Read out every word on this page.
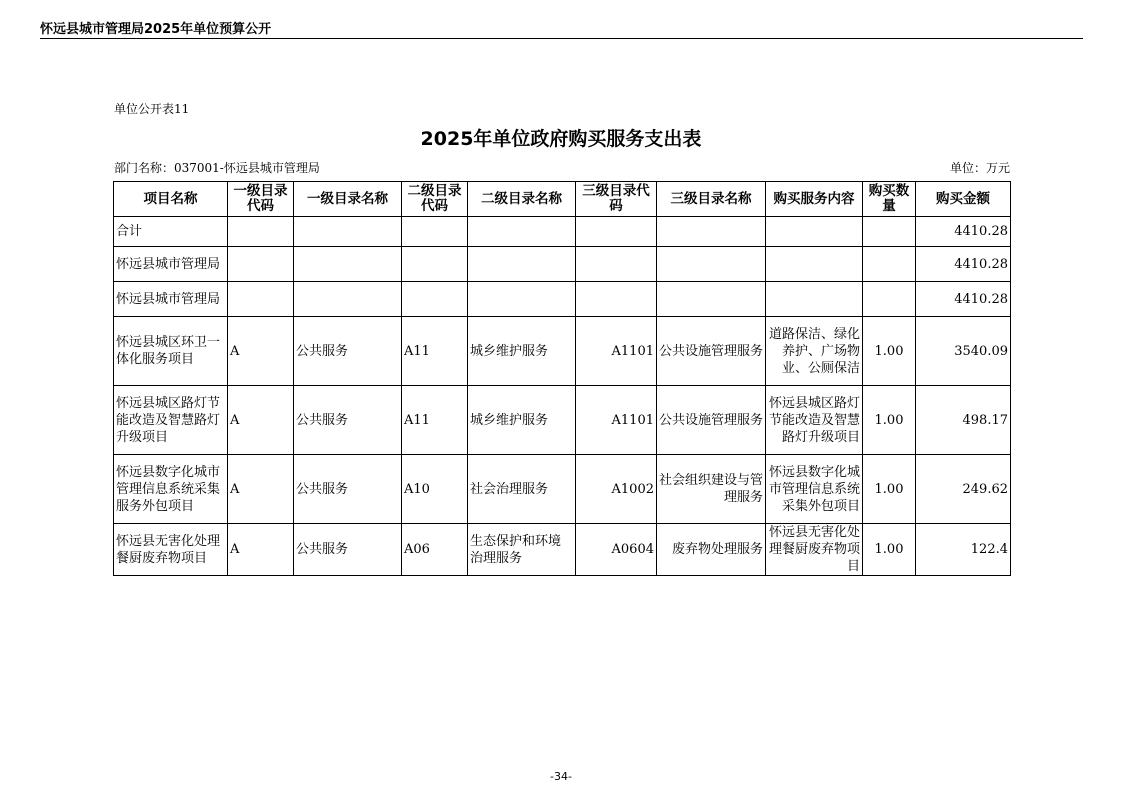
怀远县城市管理局2025年单位预算公开
单位公开表11
2025年单位政府购买服务支出表
部门名称：037001-怀远县城市管理局	单位：万元
项目名称	一级目录代码	一级目录名称	二级目录代码	二级目录名称	三级目录代码	三级目录名称	购买服务内容	购买数量	购买金额
合计									4410.28
怀远县城市管理局									4410.28
怀远县城市管理局									4410.28
怀远县城区环卫一体化服务项目	A	公共服务	A11	城乡维护服务	A1101	公共设施管理服务	道路保洁、绿化养护、广场物业、公厕保洁	1.00	3540.09
怀远县城区路灯节能改造及智慧路灯升级项目	A	公共服务	A11	城乡维护服务	A1101	公共设施管理服务	怀远县城区路灯节能改造及智慧路灯升级项目	1.00	498.17
怀远县数字化城市管理信息系统采集服务外包项目	A	公共服务	A10	社会治理服务	A1002	社会组织建设与管理服务	怀远县数字化城市管理信息系统采集外包项目	1.00	249.62
怀远县无害化处理餐厨废弃物项目	A	公共服务	A06	生态保护和环境治理服务	A0604	废弃物处理服务	怀远县无害化处理餐厨废弃物项目	1.00	122.4
-34-
